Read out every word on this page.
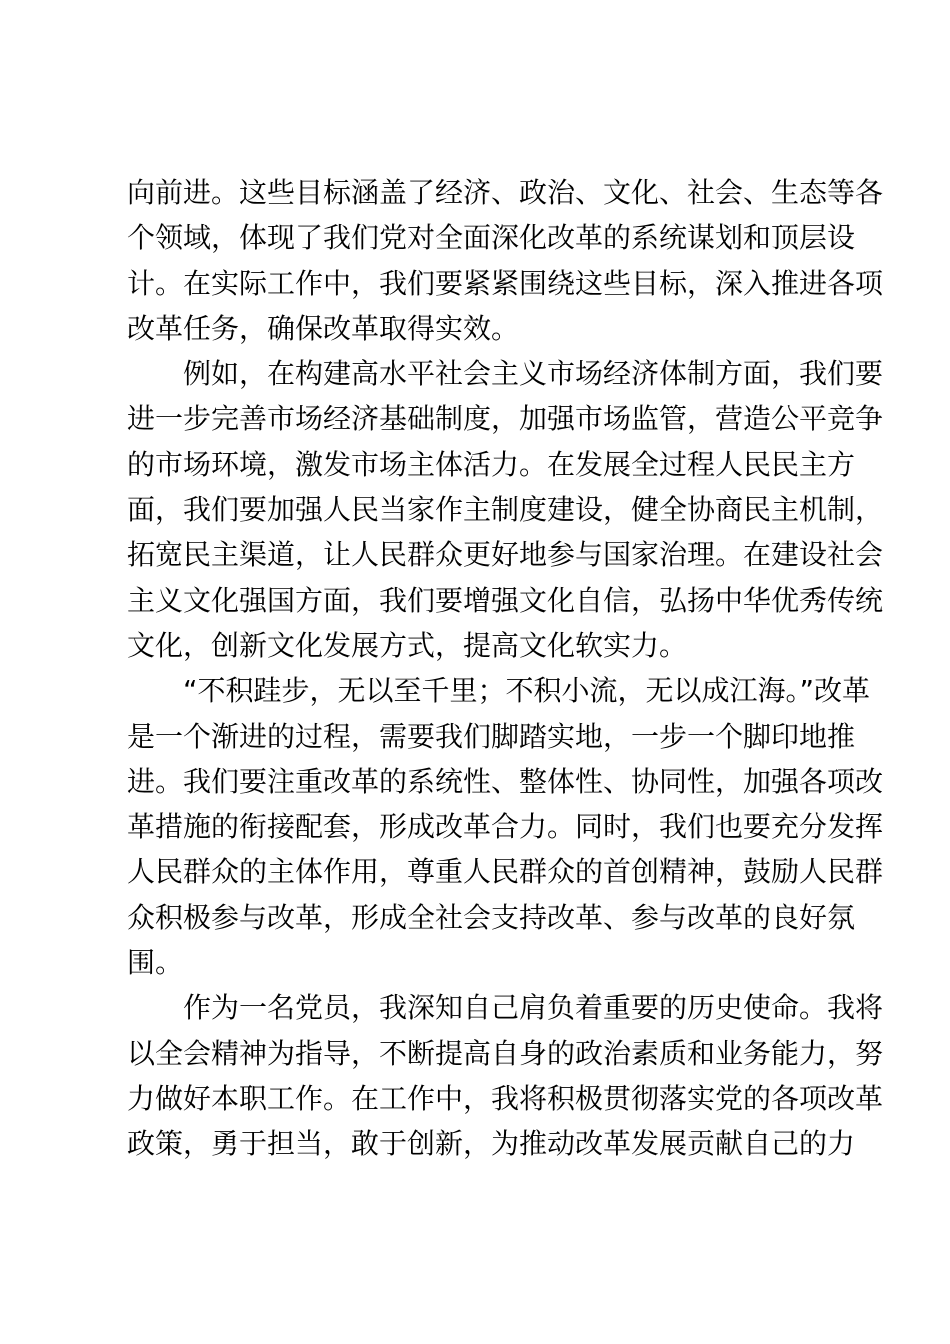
向前进。这些目标涵盖了经济、政治、文化、社会、生态等各
个领域，体现了我们党对全面深化改革的系统谋划和顶层设
计。在实际工作中，我们要紧紧围绕这些目标，深入推进各项
改革任务，确保改革取得实效。
例如，在构建高水平社会主义市场经济体制方面，我们要
进一步完善市场经济基础制度，加强市场监管，营造公平竞争
的市场环境，激发市场主体活力。在发展全过程人民民主方
面，我们要加强人民当家作主制度建设，健全协商民主机制，
拓宽民主渠道，让人民群众更好地参与国家治理。在建设社会
主义文化强国方面，我们要增强文化自信，弘扬中华优秀传统
文化，创新文化发展方式，提高文化软实力。
“不积跬步，无以至千里；不积小流，无以成江海。”改革
是一个渐进的过程，需要我们脚踏实地，一步一个脚印地推
进。我们要注重改革的系统性、整体性、协同性，加强各项改
革措施的衔接配套，形成改革合力。同时，我们也要充分发挥
人民群众的主体作用，尊重人民群众的首创精神，鼓励人民群
众积极参与改革，形成全社会支持改革、参与改革的良好氛
围。
作为一名党员，我深知自己肩负着重要的历史使命。我将
以全会精神为指导，不断提高自身的政治素质和业务能力，努
力做好本职工作。在工作中，我将积极贯彻落实党的各项改革
政策，勇于担当，敢于创新，为推动改革发展贡献自己的力
